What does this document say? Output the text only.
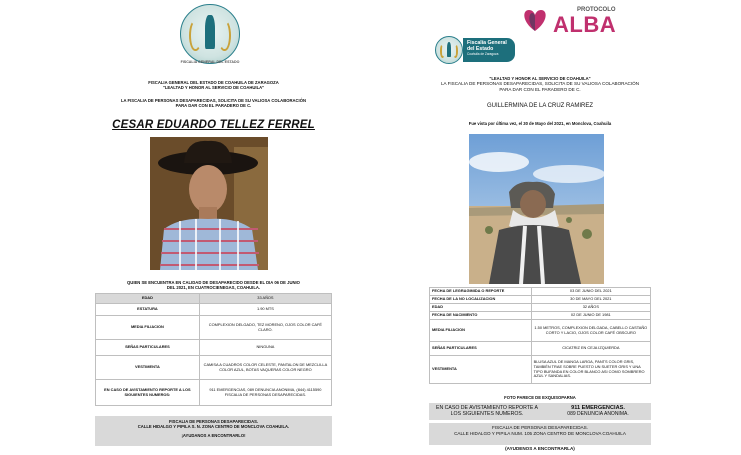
FISCALIA GENERAL DEL ESTADO
FISCALIA GENERAL DEL ESTADO DE COAHUILA DE ZARAGOZA
"LEALTAD Y HONOR AL SERVICIO DE COAHUILA"
LA FISCALIA DE PERSONAS DESAPARECIDAS, SOLICITA DE SU VALIOSA COLABORACIÓN
PARA DAR CON EL PARADERO DE C.
CESAR EDUARDO TELLEZ FERREL
QUIEN SE ENCUENTRA EN CALIDAD DE DESAPARECIDO DESDE EL DIA 06 DE JUNIO
DEL 2021, EN CUATROCIENEGAS, COAHUILA.
EDAD	33 AÑOS
ESTATURA	1.90 MTS
MEDIA FILIACION	COMPLEXION DELGADO, TEZ MORENO, OJOS COLOR CAFÉ CLARO.
SEÑAS PARTICULARES	NINGUNA
VESTIMENTA	CAMISA A CUADROS COLOR CELESTE, PANTALON DE MEZCLILLA COLOR AZUL, BOTAS VAQUERAS COLOR NEGRO
EN CASO DE AVISTAMIENTO REPORTE A LOS SIGUIENTES NUMEROS:	911 EMERGENCIAS, 089 DENUNCIA ANONIMA, (844) 4115590 FISCALIA DE PERSONAS DESAPARECIDAS.
FISCALIA DE PERSONAS DESAPARECIDAS.
CALLE HIDALGO Y PIPILA S. N. ZONA CENTRO DE MONCLOVA COAHUILA.
¡AYUDANOS A ENCONTRARLO!
PROTOCOLO
ALBA
Fiscalía General del Estado
Coahuila de Zaragoza
"LEALTAD Y HONOR AL SERVICIO DE COAHUILA"
LA FISCALIA DE PERSONAS DESAPARECIDAS, SOLICITA DE SU VALIOSA COLABORACIÓN
PARA DAR CON EL PARADERO DE C.
GUILLERMINA DE LA CRUZ RAMIREZ
Fue vista por última vez, el 30 de Mayo del 2021, en Monclova, Coahuila
FECHA DE LEGRAGIMIDA O REPORTE	03 DE JUNIO DEL 2021
FECHA DE LA NO LOCALIZACION	30 DE MAYO DEL 2021
EDAD	32 AÑOS
FECHA DE NACIMIENTO	02 DE JUNIO DE 1981
MEDIA FILIACION	1.50 METROS, COMPLEXION DELGADA, CABELLO CASTAÑO CORTO Y LACIO, OJOS COLOR CAFÉ OBSCURO
SEÑAS PARTICULARES	CICATRIZ EN CEJA IZQUIERDA
VESTIMENTA	BLUSA AZUL DE MANGA LARGA, PANTS COLOR GRIS, TAMBIÉN TRAE SOBRE PUESTO UN SUETER GRIS Y UNA TIPO BUFANDA EN COLOR BLANCO ASI COMO SOMBRERO AZUL Y SANDALIAS.
FOTO PARECE DE EXQUISOPARNA
EN CASO DE AVISTAMIENTO REPORTE A LOS SIGUIENTES NUMEROS.
911 EMERGENCIAS.
089 DENUNCIA ANONIMA.
FISCALIA DE PERSONAS DESAPARECIDAS.
CALLE HIDALGO Y PIPILA NUM. 105 ZONA CENTRO DE MONCLOVA COAHUILA
(AYUDENOS A ENCONTRARLA)
